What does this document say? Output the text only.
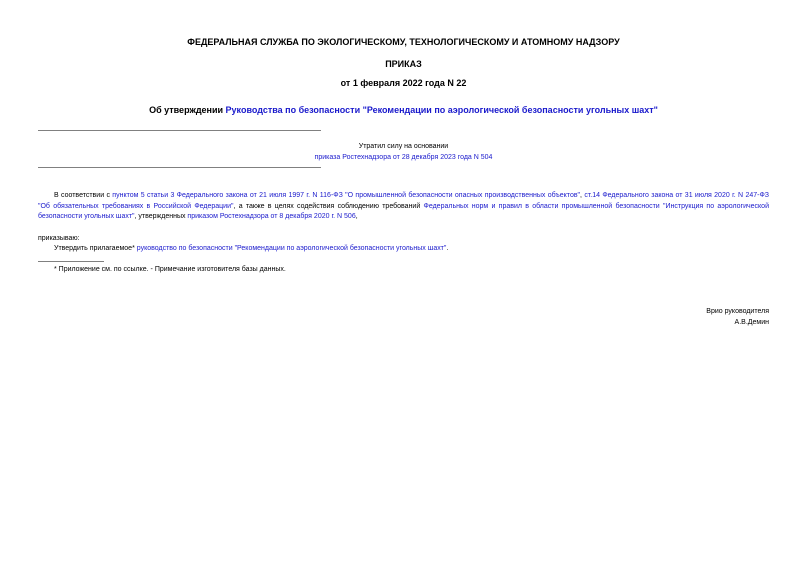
ФЕДЕРАЛЬНАЯ СЛУЖБА ПО ЭКОЛОГИЧЕСКОМУ, ТЕХНОЛОГИЧЕСКОМУ И АТОМНОМУ НАДЗОРУ
ПРИКАЗ
от 1 февраля 2022 года N 22
Об утверждении Руководства по безопасности "Рекомендации по аэрологической безопасности угольных шахт"
Утратил силу на основании
приказа Ростехнадзора от 28 декабря 2023 года N 504
В соответствии с пунктом 5 статьи 3 Федерального закона от 21 июля 1997 г. N 116-ФЗ "О промышленной безопасности опасных производственных объектов", ст.14 Федерального закона от 31 июля 2020 г. N 247-ФЗ "Об обязательных требованиях в Российской Федерации", а также в целях содействия соблюдению требований Федеральных норм и правил в области промышленной безопасности "Инструкция по аэрологической безопасности угольных шахт", утвержденных приказом Ростехнадзора от 8 декабря 2020 г. N 506,
приказываю:
Утвердить прилагаемое* руководство по безопасности "Рекомендации по аэрологической безопасности угольных шахт".
* Приложение см. по ссылке. - Примечание изготовителя базы данных.
Врио руководителя
А.В.Демин
